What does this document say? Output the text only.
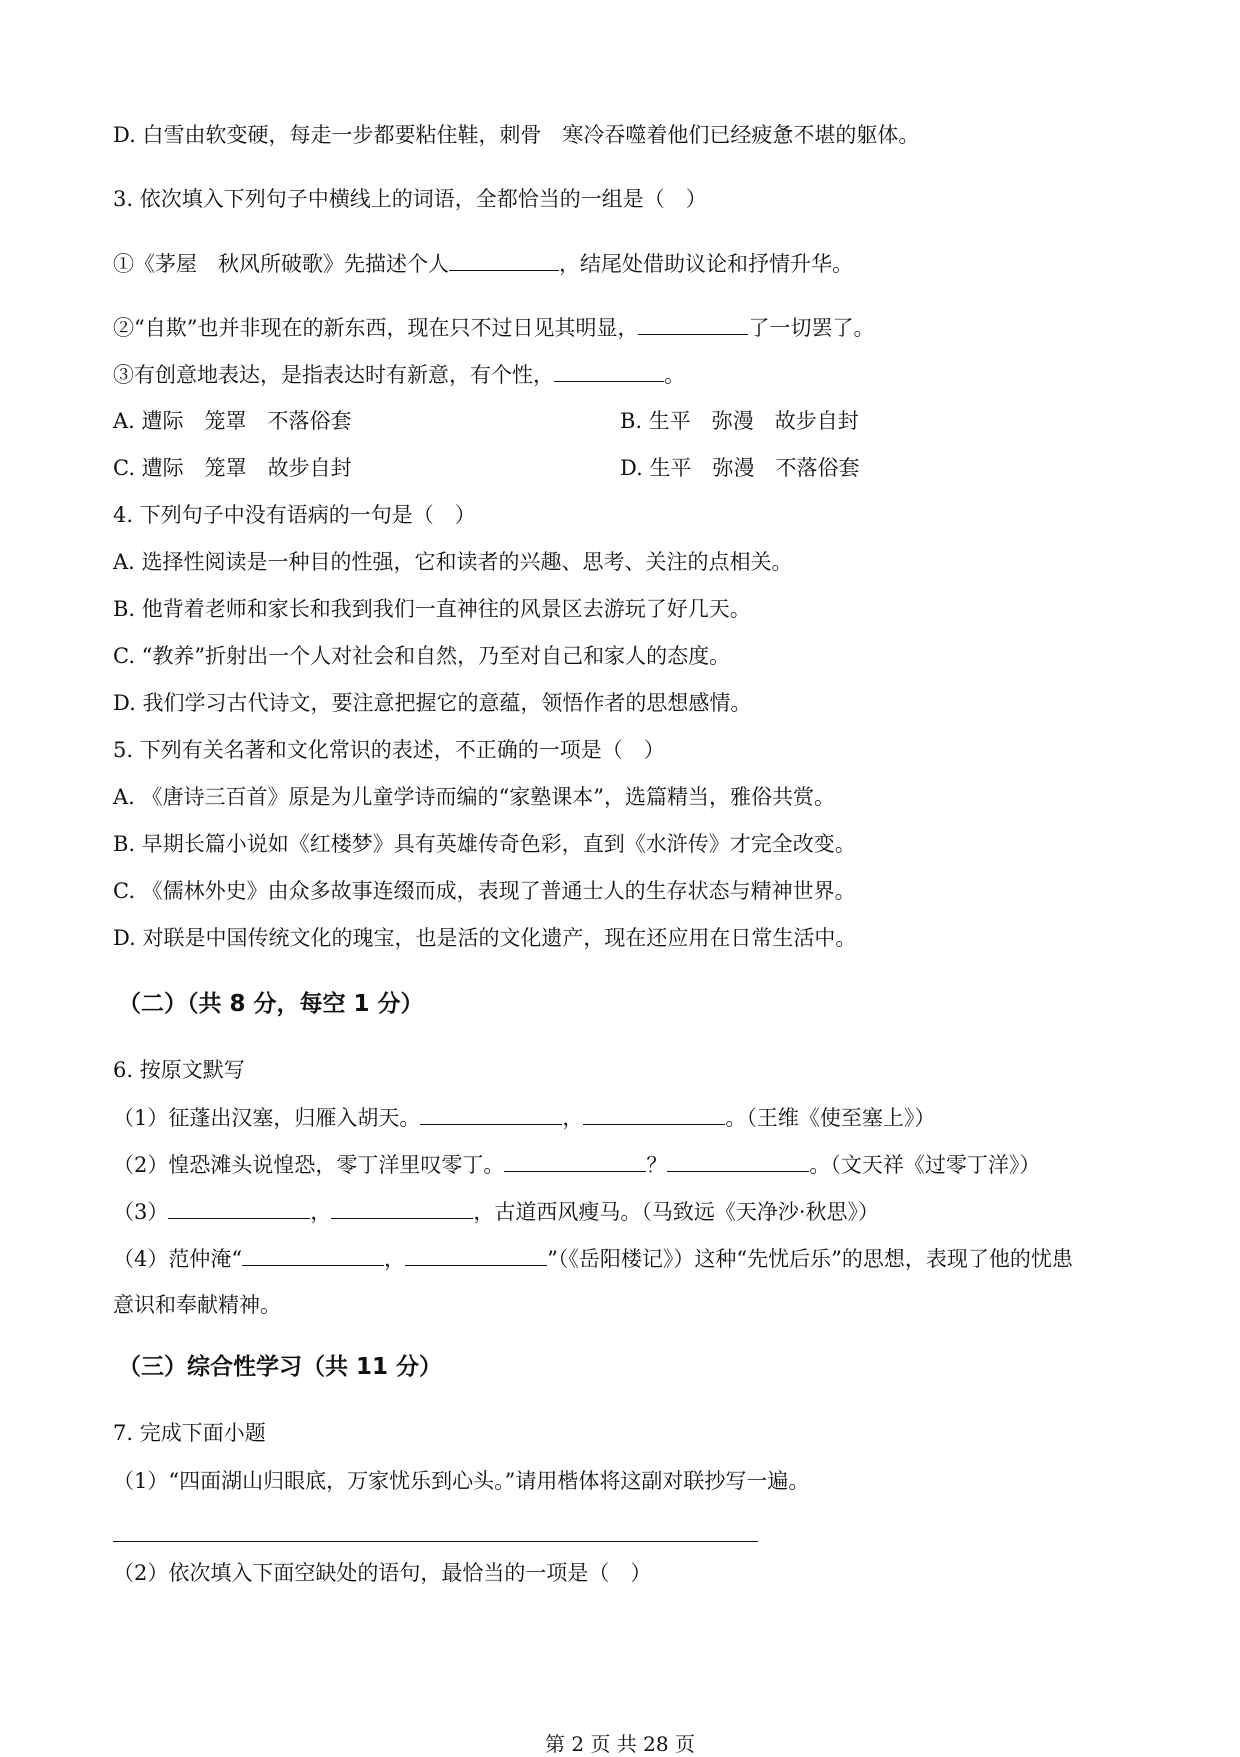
D. 白雪由软变硬，每走一步都要粘住鞋，刺骨　寒冷吞噬着他们已经疲惫不堪的躯体。
3. 依次填入下列句子中横线上的词语，全都恰当的一组是（　）
①《茅屋　秋风所破歌》先描述个人	，结尾处借助议论和抒情升华。
②“自欺”也并非现在的新东西，现在只不过日见其明显，	了一切罢了。
③有创意地表达，是指表达时有新意，有个性，	。
A. 遭际　笼罩　不落俗套	B. 生平　弥漫　故步自封
C. 遭际　笼罩　故步自封	D. 生平　弥漫　不落俗套
4. 下列句子中没有语病的一句是（　）
A. 选择性阅读是一种目的性强，它和读者的兴趣、思考、关注的点相关。
B. 他背着老师和家长和我到我们一直神往的风景区去游玩了好几天。
C. “教养”折射出一个人对社会和自然，乃至对自己和家人的态度。
D. 我们学习古代诗文，要注意把握它的意蕴，领悟作者的思想感情。
5. 下列有关名著和文化常识的表述，不正确的一项是（　）
A. 《唐诗三百首》原是为儿童学诗而编的“家塾课本”，选篇精当，雅俗共赏。
B. 早期长篇小说如《红楼梦》具有英雄传奇色彩，直到《水浒传》才完全改变。
C. 《儒林外史》由众多故事连缀而成，表现了普通士人的生存状态与精神世界。
D. 对联是中国传统文化的瑰宝，也是活的文化遗产，现在还应用在日常生活中。
（二）（共 8 分，每空 1 分）
6. 按原文默写
（1）征蓬出汉塞，归雁入胡天。	，	。（王维《使至塞上》）
（2）惶恐滩头说惶恐，零丁洋里叹零丁。	？	。（文天祥《过零丁洋》）
（3）	，	，古道西风瘦马。（马致远《天净沙·秋思》）
（4）范仲淹“	，	”（《岳阳楼记》）这种“先忧后乐”的思想，表现了他的忧患
意识和奉献精神。
（三）综合性学习（共 11 分）
7. 完成下面小题
（1）“四面湖山归眼底，万家忧乐到心头。”请用楷体将这副对联抄写一遍。
（2）依次填入下面空缺处的语句，最恰当的一项是（　）
第 2 页 共 28 页
